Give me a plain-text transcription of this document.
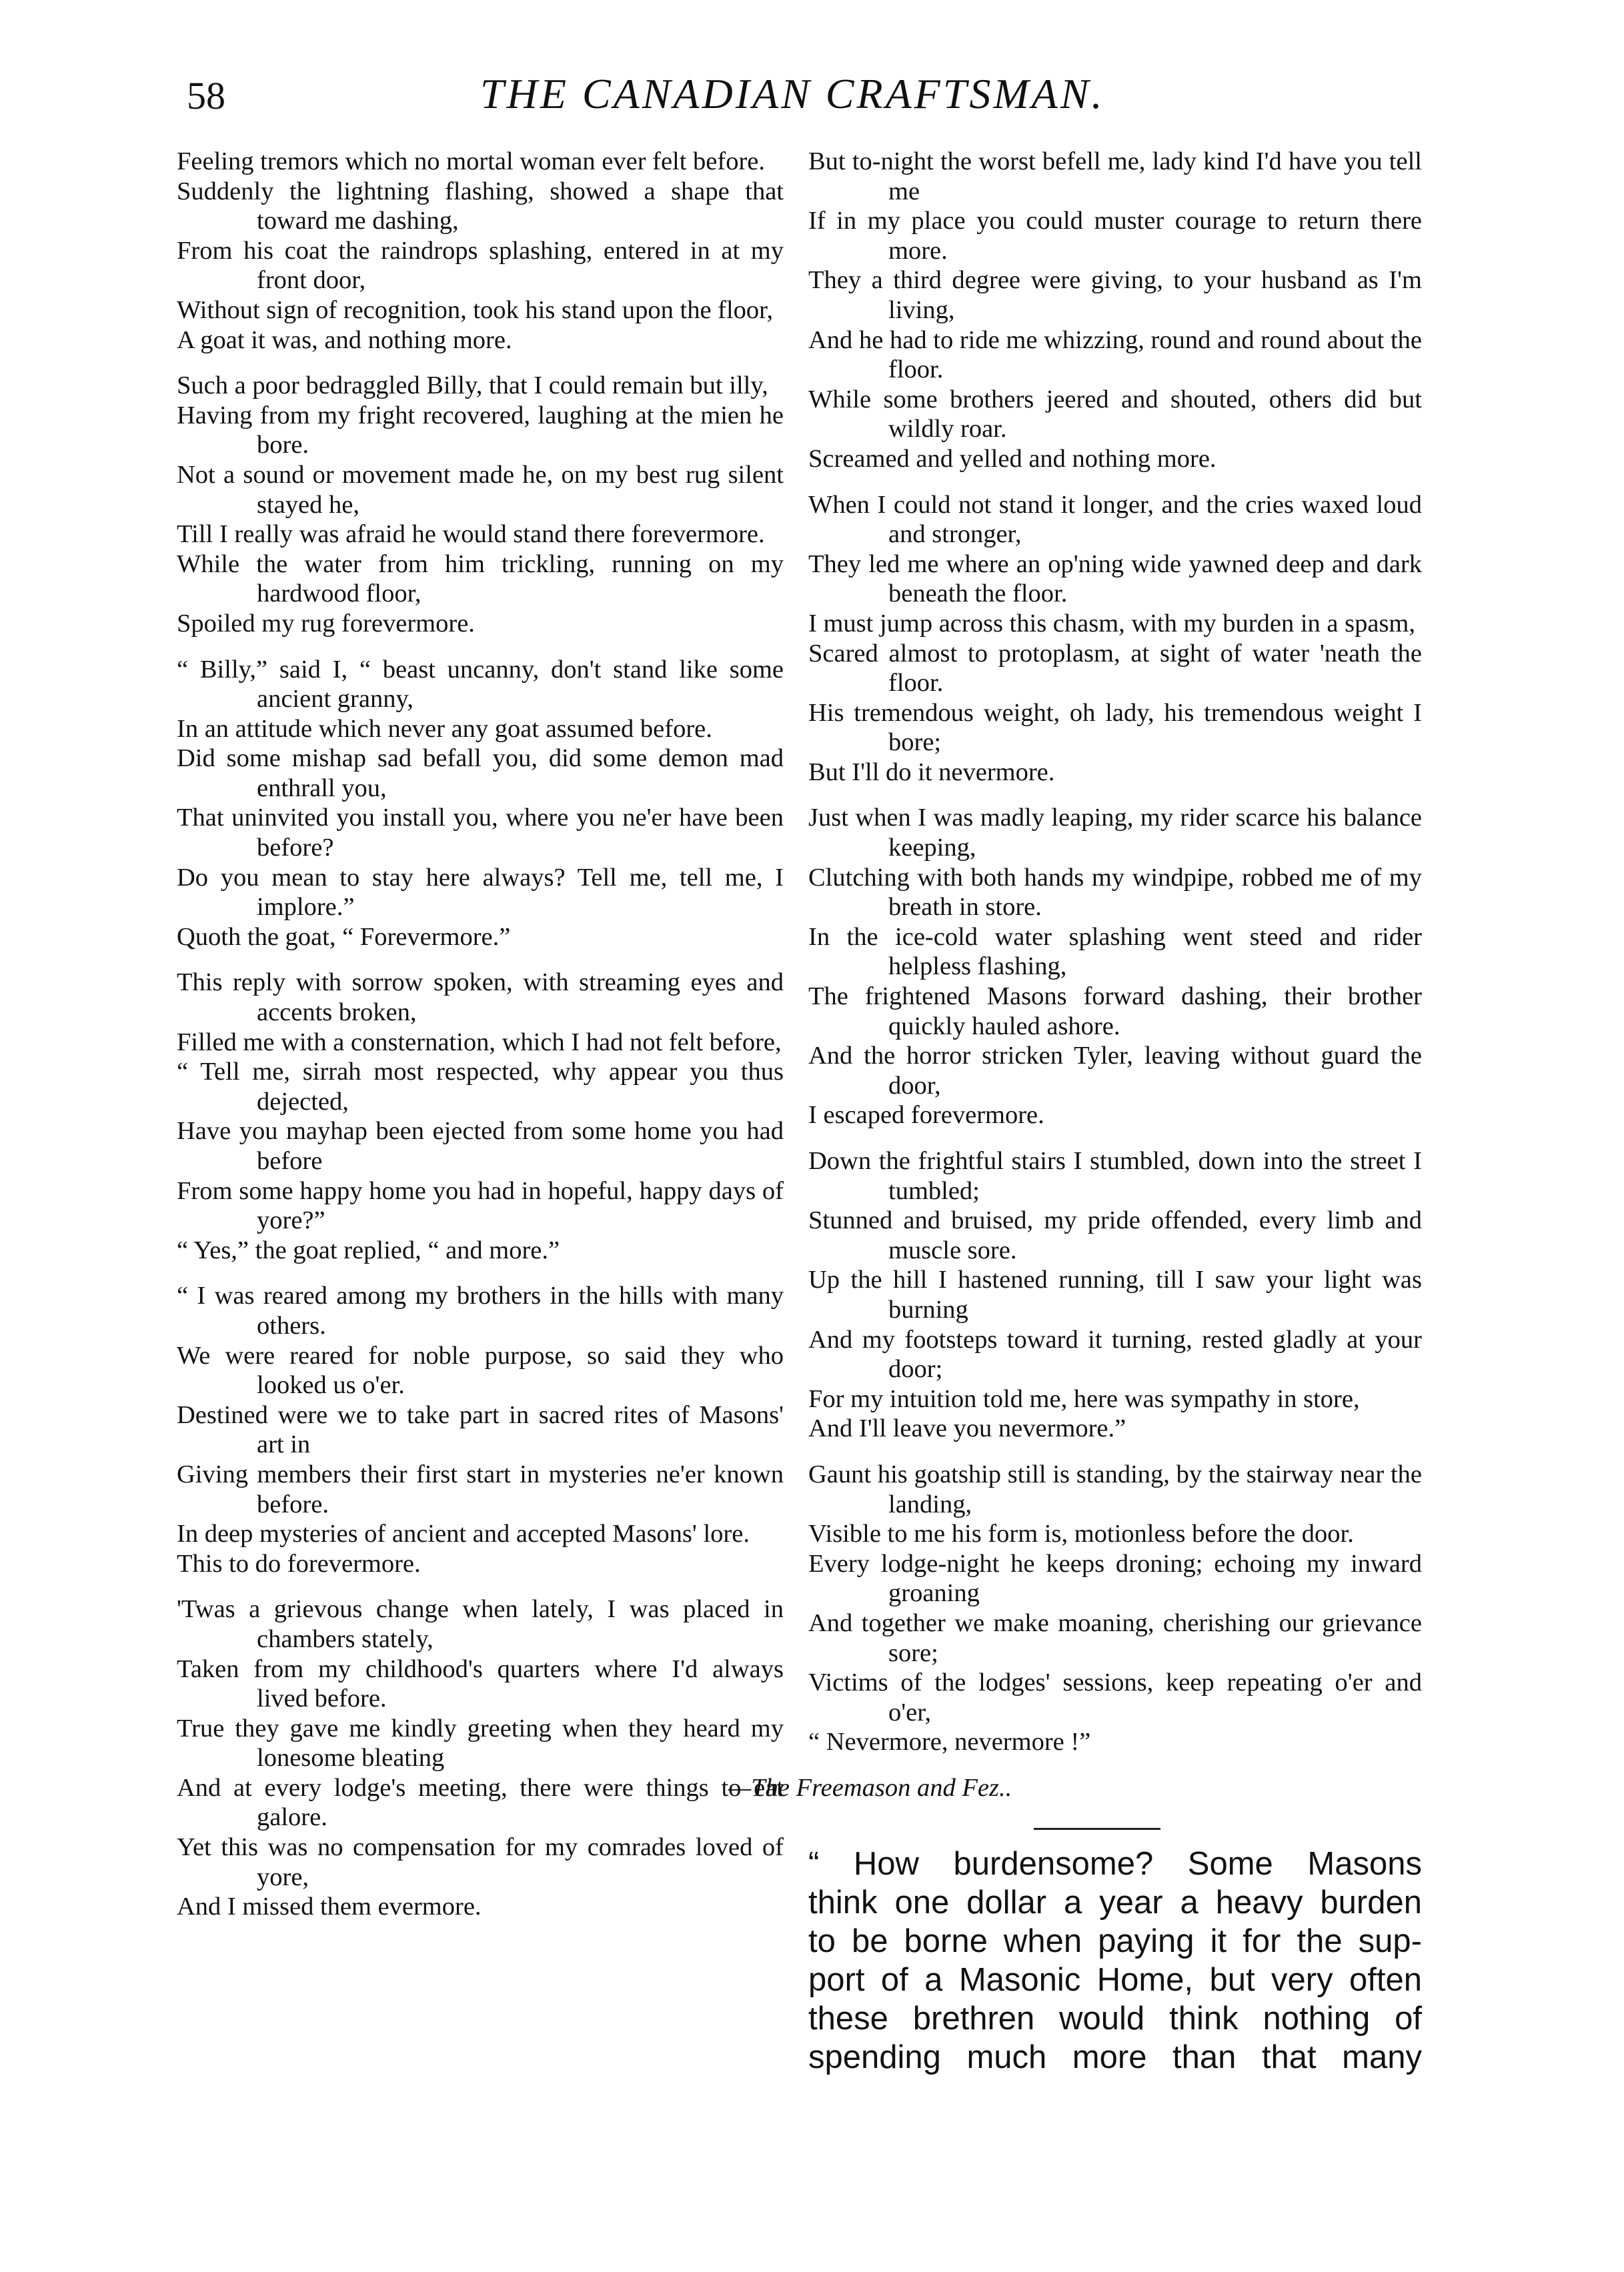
58	THE CANADIAN CRAFTSMAN.

Feeling tremors which no mortal woman ever felt before.

Suddenly the lightning flashing, showed a shape that toward me dashing,

From his coat the raindrops splashing, entered in at my front door,

Without sign of recognition, took his stand upon the floor,

A goat it was, and nothing more.

Such a poor bedraggled Billy, that I could remain but illy,

Having from my fright recovered, laughing at the mien he bore.

Not a sound or movement made he, on my best rug silent stayed he,

Till I really was afraid he would stand there forevermore.

While the water from him trickling, running on my hardwood floor,

Spoiled my rug forevermore.

“ Billy,” said I, “ beast uncanny, don't stand like some ancient granny,

In an attitude which never any goat assumed before.

Did some mishap sad befall you, did some demon mad enthrall you,

That uninvited you install you, where you ne'er have been before?

Do you mean to stay here always? Tell me, tell me, I implore.”

Quoth the goat, “ Forevermore.”

This reply with sorrow spoken, with streaming eyes and accents broken,

Filled me with a consternation, which I had not felt before,

“ Tell me, sirrah most respected, why appear you thus dejected,

Have you mayhap been ejected from some home you had before

From some happy home you had in hopeful, happy days of yore?”

“ Yes,” the goat replied, “ and more.”

“ I was reared among my brothers in the hills with many others.

We were reared for noble purpose, so said they who looked us o'er.

Destined were we to take part in sacred rites of Masons' art in

Giving members their first start in mysteries ne'er known before.

In deep mysteries of ancient and accepted Masons' lore.

This to do forevermore.

'Twas a grievous change when lately, I was placed in chambers stately,

Taken from my childhood's quarters where I'd always lived before.

True they gave me kindly greeting when they heard my lonesome bleating

And at every lodge's meeting, there were things to eat galore.

Yet this was no compensation for my comrades loved of yore,

And I missed them evermore.

But to-night the worst befell me, lady kind I'd have you tell me

If in my place you could muster courage to return there more.

They a third degree were giving, to your husband as I'm living,

And he had to ride me whizzing, round and round about the floor.

While some brothers jeered and shouted, others did but wildly roar.

Screamed and yelled and nothing more.

When I could not stand it longer, and the cries waxed loud and stronger,

They led me where an op'ning wide yawned deep and dark beneath the floor.

I must jump across this chasm, with my burden in a spasm,

Scared almost to protoplasm, at sight of water 'neath the floor.

His tremendous weight, oh lady, his tremendous weight I bore;

But I'll do it nevermore.

Just when I was madly leaping, my rider scarce his balance keeping,

Clutching with both hands my windpipe, robbed me of my breath in store.

In the ice-cold water splashing went steed and rider helpless flashing,

The frightened Masons forward dashing, their brother quickly hauled ashore.

And the horror stricken Tyler, leaving without guard the door,

I escaped forevermore.

Down the frightful stairs I stumbled, down into the street I tumbled;

Stunned and bruised, my pride offended, every limb and muscle sore.

Up the hill I hastened running, till I saw your light was burning

And my footsteps toward it turning, rested gladly at your door;

For my intuition told me, here was sympathy in store,

And I'll leave you nevermore.”

Gaunt his goatship still is standing, by the stairway near the landing,

Visible to me his form is, motionless before the door.

Every lodge-night he keeps droning; echoing my inward groaning

And together we make moaning, cherishing our grievance sore;

Victims of the lodges' sessions, keep repeating o'er and o'er,

“ Nevermore, nevermore !”

—The Freemason and Fez..

“ How burdensome? Some Masons
think one dollar a year a heavy burden
to be borne when paying it for the sup-
port of a Masonic Home, but very often
these brethren would think nothing of
spending much more than that many
